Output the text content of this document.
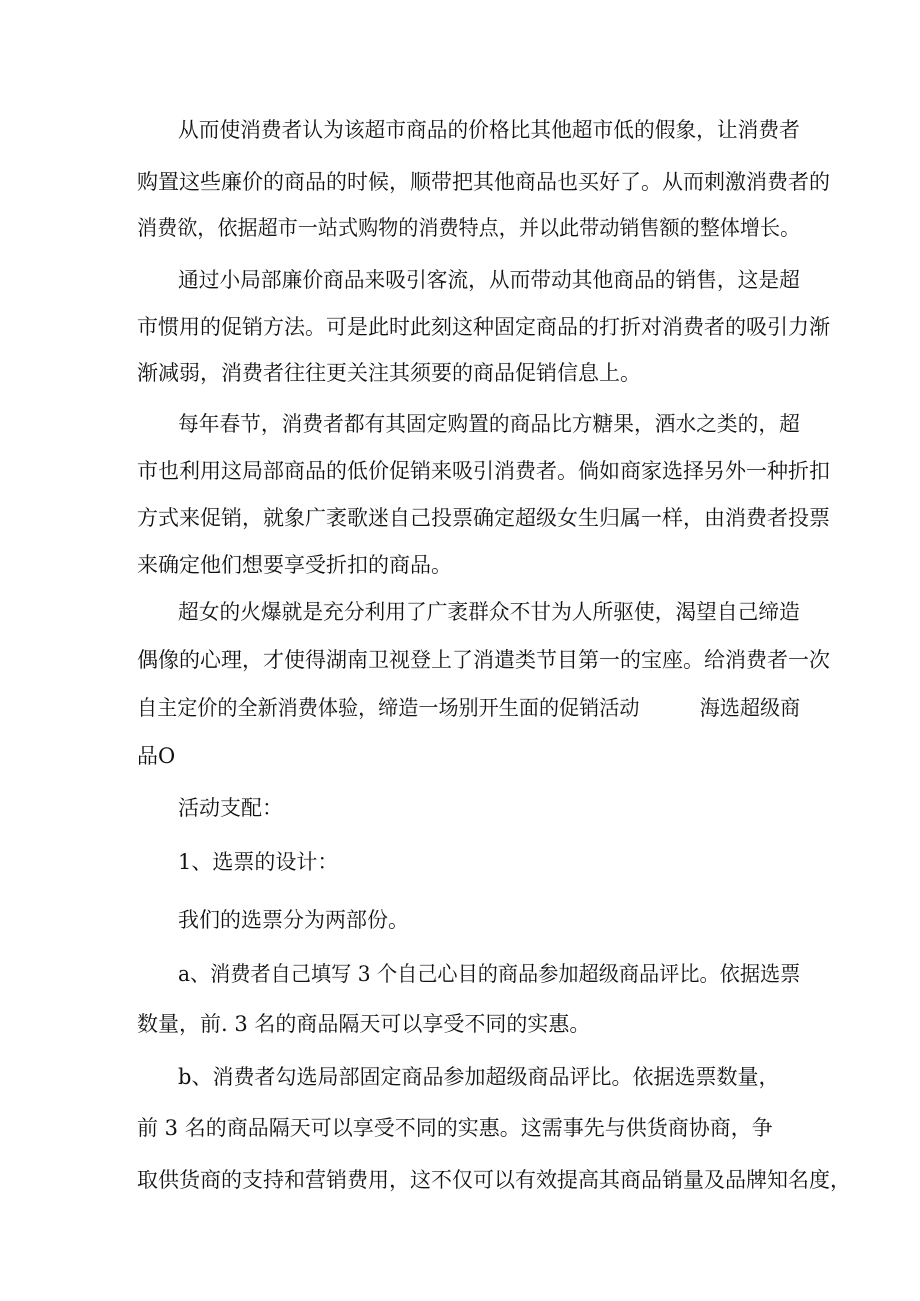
从而使消费者认为该超市商品的价格比其他超市低的假象，让消费者
购置这些廉价的商品的时候，顺带把其他商品也买好了。从而刺激消费者的
消费欲，依据超市一站式购物的消费特点，并以此带动销售额的整体增长。
通过小局部廉价商品来吸引客流，从而带动其他商品的销售，这是超
市惯用的促销方法。可是此时此刻这种固定商品的打折对消费者的吸引力渐
渐减弱，消费者往往更关注其须要的商品促销信息上。
每年春节，消费者都有其固定购置的商品比方糖果，酒水之类的，超
市也利用这局部商品的低价促销来吸引消费者。倘如商家选择另外一种折扣
方式来促销，就象广袤歌迷自己投票确定超级女生归属一样，由消费者投票
来确定他们想要享受折扣的商品。
超女的火爆就是充分利用了广袤群众不甘为人所驱使，渴望自己缔造
偶像的心理，才使得湖南卫视登上了消遣类节目第一的宝座。给消费者一次
自主定价的全新消费体验，缔造一场别开生面的促销活动　　　海选超级商
品O
活动支配：
1、选票的设计：
我们的选票分为两部份。
a、消费者自己填写 3 个自己心目的商品参加超级商品评比。依据选票
数量，前. 3 名的商品隔天可以享受不同的实惠。
b、消费者勾选局部固定商品参加超级商品评比。依据选票数量，
前 3 名的商品隔天可以享受不同的实惠。这需事先与供货商协商，争
取供货商的支持和营销费用，这不仅可以有效提高其商品销量及品牌知名度，
